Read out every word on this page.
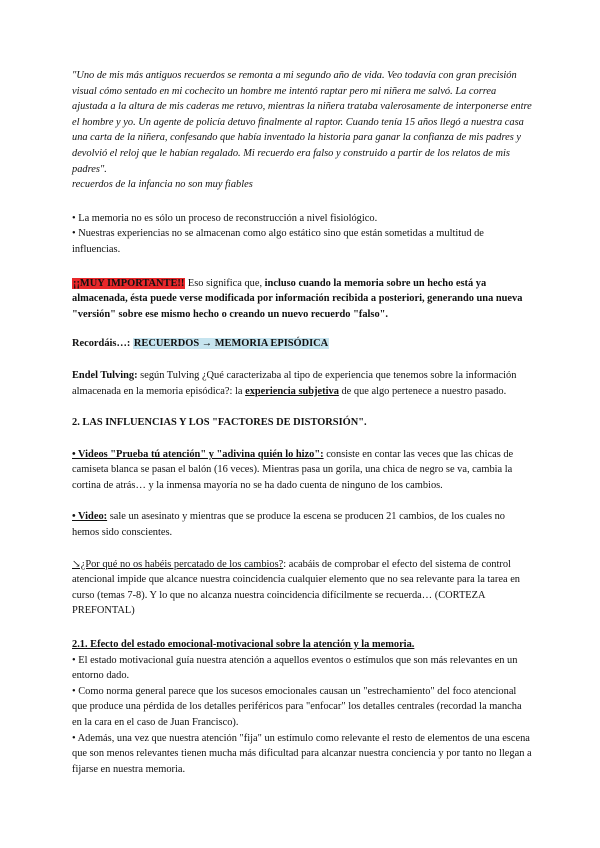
"Uno de mis más antiguos recuerdos se remonta a mi segundo año de vida. Veo todavía con gran precisión visual cómo sentado en mi cochecito un hombre me intentó raptar pero mi niñera me salvó. La correa ajustada a la altura de mis caderas me retuvo, mientras la niñera trataba valerosamente de interponerse entre el hombre y yo. Un agente de policía detuvo finalmente al raptor. Cuando tenía 15 años llegó a nuestra casa una carta de la niñera, confesando que había inventado la historia para ganar la confianza de mis padres y devolvió el reloj que le habían regalado. Mi recuerdo era falso y construido a partir de los relatos de mis padres".

recuerdos de la infancia no son muy fiables

• La memoria no es sólo un proceso de reconstrucción a nivel fisiológico.

• Nuestras experiencias no se almacenan como algo estático sino que están sometidas a multitud de influencias.

¡¡MUY IMPORTANTE!! Eso significa que, incluso cuando la memoria sobre un hecho está ya almacenada, ésta puede verse modificada por información recibida a posteriori, generando una nueva "versión" sobre ese mismo hecho o creando un nuevo recuerdo "falso".

Recordáis…: RECUERDOS → MEMORIA EPISÓDICA

Endel Tulving: según Tulving ¿Qué caracterizaba al tipo de experiencia que tenemos sobre la información almacenada en la memoria episódica?: la experiencia subjetiva de que algo pertenece a nuestro pasado.

2. LAS INFLUENCIAS Y LOS "FACTORES DE DISTORSIÓN".

• Videos "Prueba tú atención" y "adivina quién lo hizo": consiste en contar las veces que las chicas de camiseta blanca se pasan el balón (16 veces). Mientras pasa un gorila, una chica de negro se va, cambia la cortina de atrás… y la inmensa mayoría no se ha dado cuenta de ninguno de los cambios.

• Video: sale un asesinato y mientras que se produce la escena se producen 21 cambios, de los cuales no hemos sido conscientes.

↘¿Por qué no os habéis percatado de los cambios?: acabáis de comprobar el efecto del sistema de control atencional impide que alcance nuestra coincidencia cualquier elemento que no sea relevante para la tarea en curso (temas 7-8). Y lo que no alcanza nuestra coincidencia difícilmente se recuerda… (CORTEZA PREFONTAL)

2.1. Efecto del estado emocional-motivacional sobre la atención y la memoria.

• El estado motivacional guía nuestra atención a aquellos eventos o estímulos que son más relevantes en un entorno dado.

• Como norma general parece que los sucesos emocionales causan un "estrechamiento" del foco atencional que produce una pérdida de los detalles periféricos para "enfocar" los detalles centrales (recordad la mancha en la cara en el caso de Juan Francisco).

• Además, una vez que nuestra atención "fija" un estímulo como relevante el resto de elementos de una escena que son menos relevantes tienen mucha más dificultad para alcanzar nuestra conciencia y por tanto no llegan a fijarse en nuestra memoria.
